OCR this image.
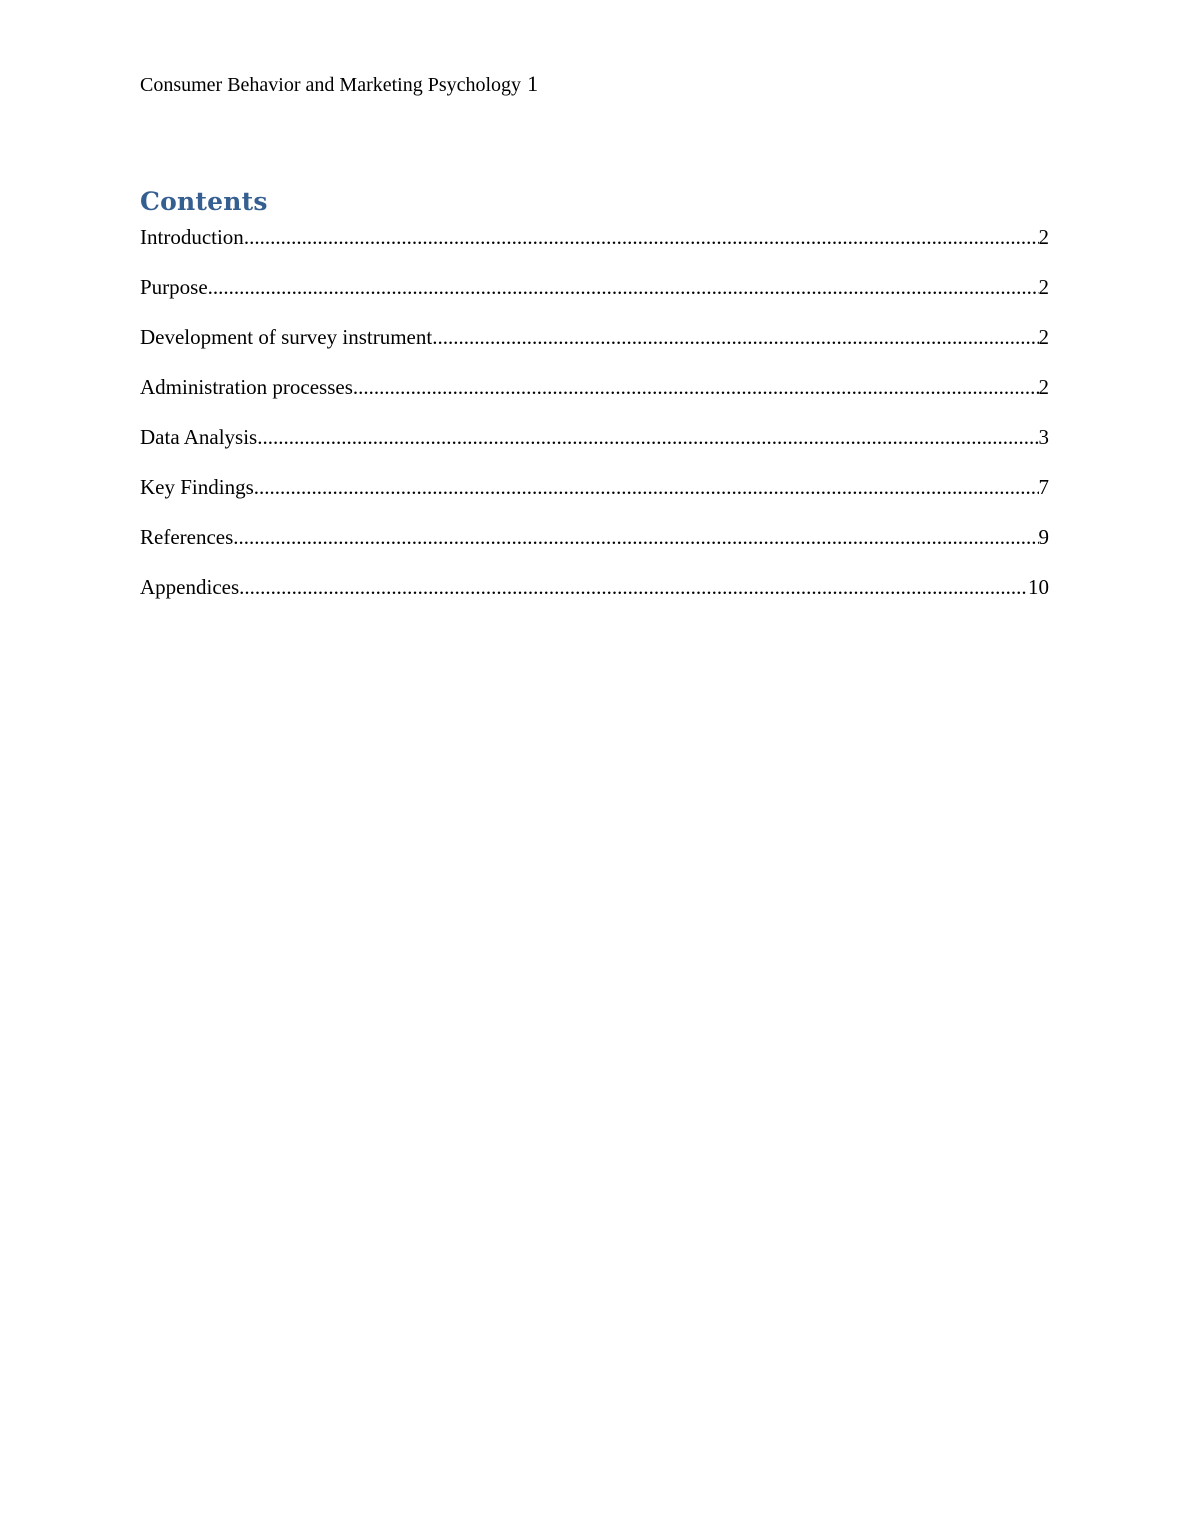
Consumer Behavior and Marketing Psychology 1
Contents
Introduction .....	2
Purpose .....	2
Development of survey instrument .....	2
Administration processes .....	2
Data Analysis .....	3
Key Findings .....	7
References .....	9
Appendices .....	10
